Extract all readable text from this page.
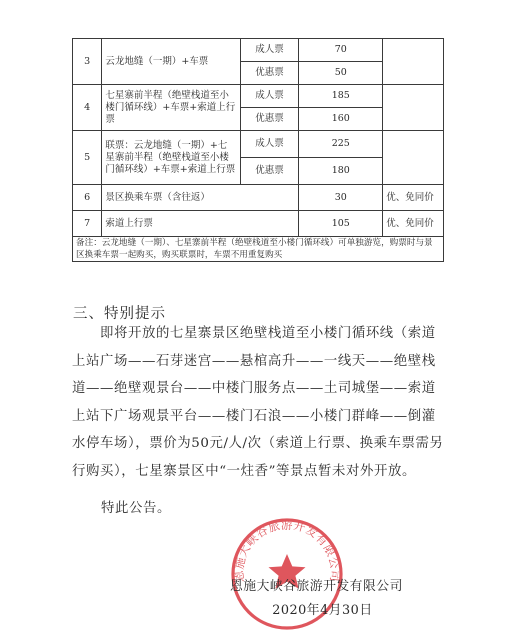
3	云龙地缝（一期）+车票	成人票	70	
		优惠票	50	
4	七星寨前半程（绝壁栈道至小楼门循环线）+车票+索道上行票	成人票	185	
		优惠票	160	
5	联票：云龙地缝（一期）+七星寨前半程（绝壁栈道至小楼门循环线）+车票+索道上行票	成人票	225	
		优惠票	180	
6	景区换乘车票（含往返）		30	优、免同价
7	索道上行票		105	优、免同价
备注：云龙地缝（一期）、七星寨前半程（绝壁栈道至小楼门循环线）可单独游览，购票时与景区换乘车票一起购买，购买联票时，车票不用重复购买				
三、特别提示
即将开放的七星寨景区绝壁栈道至小楼门循环线（索道上站广场——石芽迷宫——悬棺高升——一线天——绝壁栈道——绝壁观景台——中楼门服务点——土司城堡——索道上站下广场观景平台——楼门石浪——小楼门群峰——倒灌水停车场），票价为50元/人/次（索道上行票、换乘车票需另行购买），七星寨景区中“一炷香”等景点暂未对外开放。
特此公告。
恩施大峡谷旅游开发有限公司
恩施大峡谷旅游开发有限公司
2020年4月30日
